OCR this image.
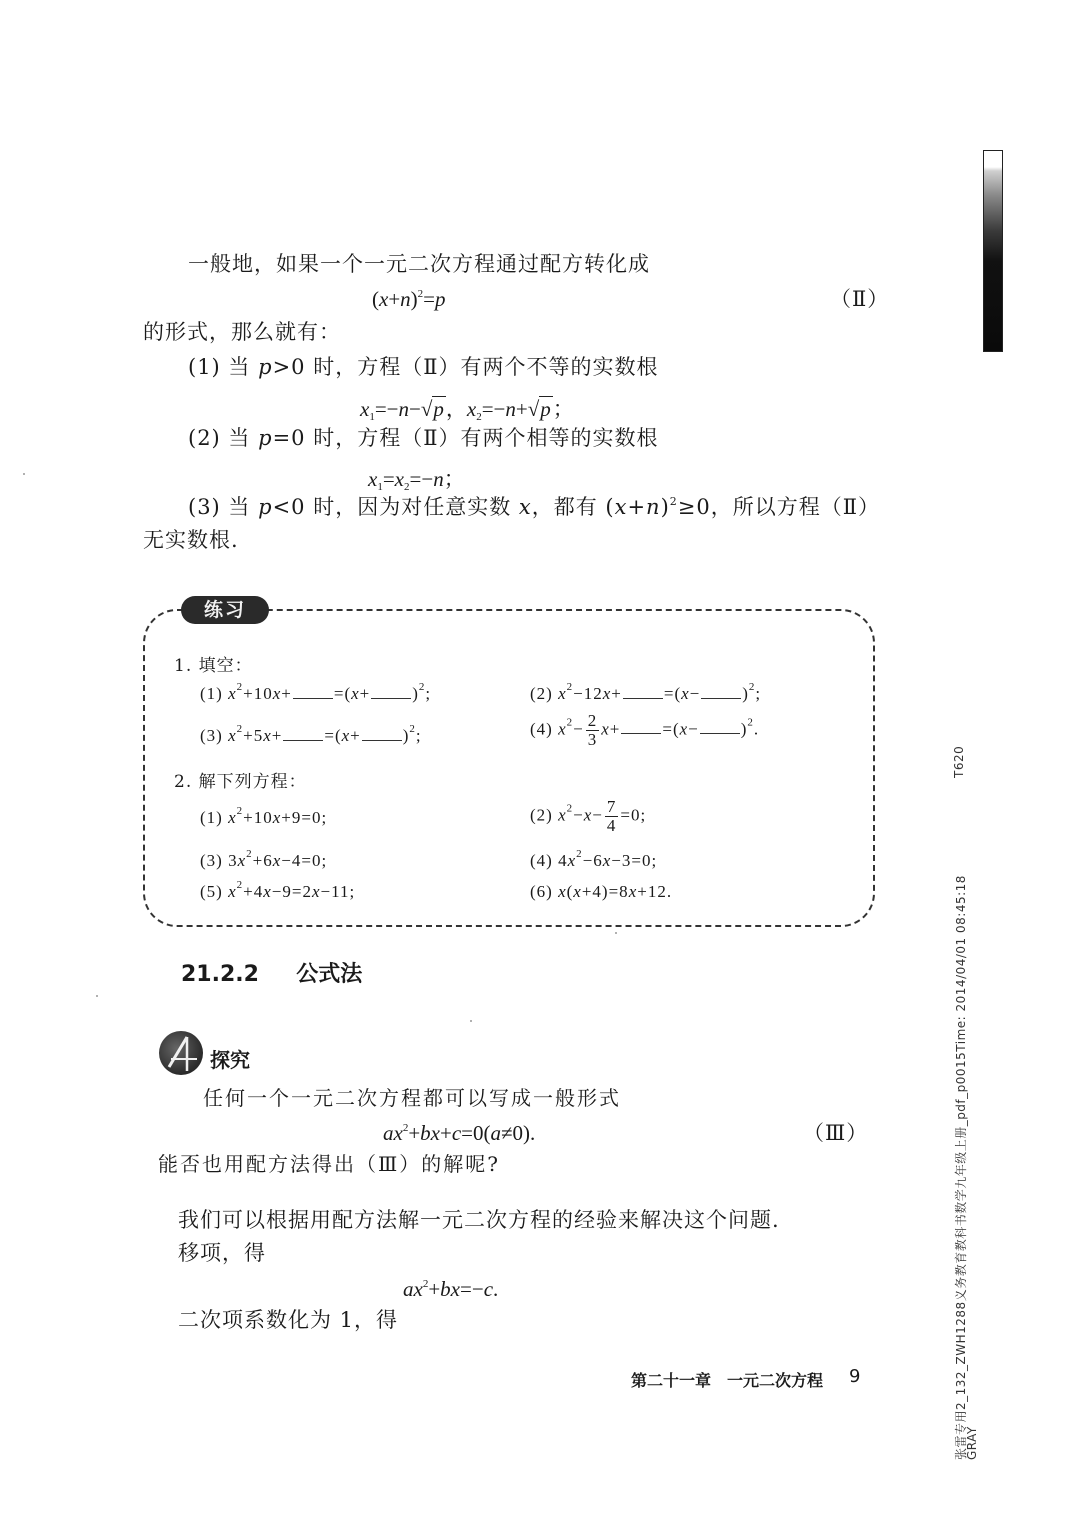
一般地，如果一个一元二次方程通过配方转化成
$(x+n)^2=p$	（Ⅱ）
的形式，那么就有：
(1) 当 p>0 时，方程（Ⅱ）有两个不等的实数根
$x_1=-n-√p$，$x_2=-n+√p$；
(2) 当 p=0 时，方程（Ⅱ）有两个相等的实数根
$x_1=x_2=-n$；
(3) 当 p<0 时，因为对任意实数 x，都有 $(x+n)^2\ge 0$，所以方程（Ⅱ）
无实数根.
练习
1. 填空：
(1) $x^2+10x+ =(x+ )^2$;	(2) $x^2-12x+ =(x- )^2$;
(3) $x^2+5x+ =(x+ )^2$;	(4) $x^2- \frac{2}{3} x+ =(x- )^2$.
2. 解下列方程：
(1) $x^2+10x+9=0$;	(2) $x^2-x- \frac{7}{4} =0$;
(3) $3x^2+6x-4=0$;	(4) $4x^2-6x-3=0$;
(5) $x^2+4x-9=2x-11$;	(6) x(x+4)=8x+12.
21.2.2 公式法
探究
任何一个一元二次方程都可以写成一般形式
$ax^2+bx+c=0(a\ne 0)$.	（Ⅲ）
能否也用配方法得出（Ⅲ）的解呢?
我们可以根据用配方法解一元二次方程的经验来解决这个问题.
移项，得
$ax^2+bx=-c$.
二次项系数化为 1，得
第二十一章　一元二次方程 9
T620
张雷专用2_132_ZWH1288义务教育教科书数学九年级上册_pdf_p0015Time: 2014/04/01 08:45:18
GRAY
